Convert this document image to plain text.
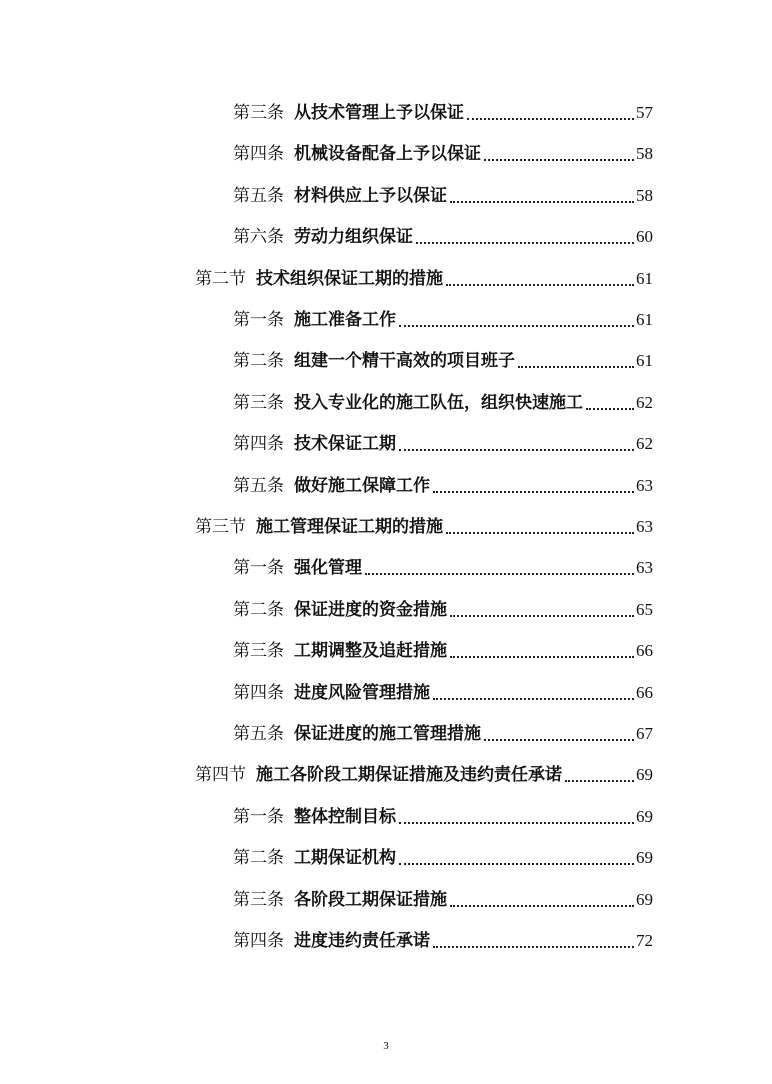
第三条 从技术管理上予以保证	57
第四条 机械设备配备上予以保证	58
第五条 材料供应上予以保证	58
第六条 劳动力组织保证	60
第二节 技术组织保证工期的措施	61
第一条 施工准备工作	61
第二条 组建一个精干高效的项目班子	61
第三条 投入专业化的施工队伍，组织快速施工	62
第四条 技术保证工期	62
第五条 做好施工保障工作	63
第三节 施工管理保证工期的措施	63
第一条 强化管理	63
第二条 保证进度的资金措施	65
第三条 工期调整及追赶措施	66
第四条 进度风险管理措施	66
第五条 保证进度的施工管理措施	67
第四节 施工各阶段工期保证措施及违约责任承诺	69
第一条 整体控制目标	69
第二条 工期保证机构	69
第三条 各阶段工期保证措施	69
第四条 进度违约责任承诺	72
3
